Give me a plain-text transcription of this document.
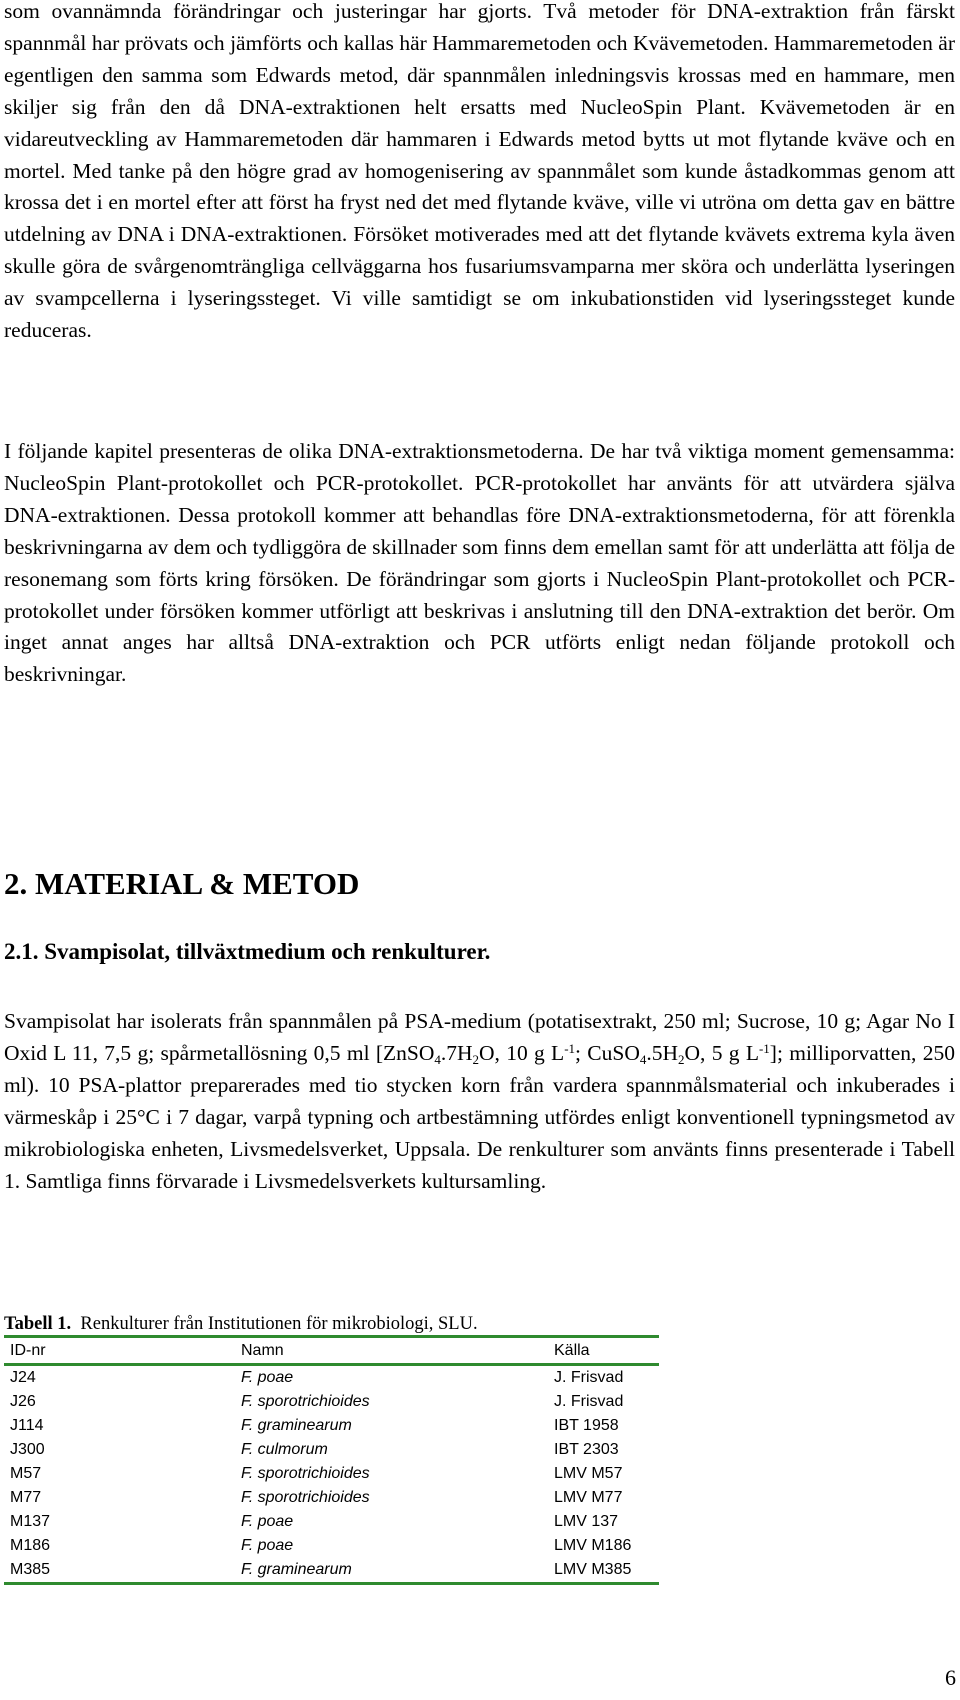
som ovannämnda förändringar och justeringar har gjorts. Två metoder för DNA-extraktion från färskt spannmål har prövats och jämförts och kallas här Hammaremetoden och Kvävemetoden. Hammaremetoden är egentligen den samma som Edwards metod, där spannmålen inledningsvis krossas med en hammare, men skiljer sig från den då DNA-extraktionen helt ersatts med NucleoSpin Plant. Kvävemetoden är en vidareutveckling av Hammaremetoden där hammaren i Edwards metod bytts ut mot flytande kväve och en mortel. Med tanke på den högre grad av homogenisering av spannmålet som kunde åstadkommas genom att krossa det i en mortel efter att först ha fryst ned det med flytande kväve, ville vi utröna om detta gav en bättre utdelning av DNA i DNA-extraktionen. Försöket motiverades med att det flytande kvävets extrema kyla även skulle göra de svårgenomträngliga cellväggarna hos fusariumsvamparna mer sköra och underlätta lyseringen av svampcellerna i lyseringssteget. Vi ville samtidigt se om inkubationstiden vid lyseringssteget kunde reduceras.

I följande kapitel presenteras de olika DNA-extraktionsmetoderna. De har två viktiga moment gemensamma: NucleoSpin Plant-protokollet och PCR-protokollet. PCR-protokollet har använts för att utvärdera själva DNA-extraktionen. Dessa protokoll kommer att behandlas före DNA-extraktionsmetoderna, för att förenkla beskrivningarna av dem och tydliggöra de skillnader som finns dem emellan samt för att underlätta att följa de resonemang som förts kring försöken. De förändringar som gjorts i NucleoSpin Plant-protokollet och PCR-protokollet under försöken kommer utförligt att beskrivas i anslutning till den DNA-extraktion det berör. Om inget annat anges har alltså DNA-extraktion och PCR utförts enligt nedan följande protokoll och beskrivningar.

2. MATERIAL & METOD
2.1. Svampisolat, tillväxtmedium och renkulturer.

Svampisolat har isolerats från spannmålen på PSA-medium (potatisextrakt, 250 ml; Sucrose, 10 g; Agar No I Oxid L 11, 7,5 g; spårmetallösning 0,5 ml [$ZnSO_4.7H_2O$, 10 g $L^{-1}$; $CuSO_4.5H_2O$, 5 g $L^{-1}$]; milliporvatten, 250 ml). 10 PSA-plattor preparerades med tio stycken korn från vardera spannmålsmaterial och inkuberades i värmeskåp i 25°C i 7 dagar, varpå typning och artbestämning utfördes enligt konventionell typningsmetod av mikrobiologiska enheten, Livsmedelsverket, Uppsala. De renkulturer som använts finns presenterade i Tabell 1. Samtliga finns förvarade i Livsmedelsverkets kultursamling.

Tabell 1. Renkulturer från Institutionen för mikrobiologi, SLU.

ID-nr	Namn	Källa
J24	F. poae	J. Frisvad
J26	F. sporotrichioides	J. Frisvad
J114	F. graminearum	IBT 1958
J300	F. culmorum	IBT 2303
M57	F. sporotrichioides	LMV M57
M77	F. sporotrichioides	LMV M77
M137	F. poae	LMV 137
M186	F. poae	LMV M186
M385	F. graminearum	LMV M385
6
